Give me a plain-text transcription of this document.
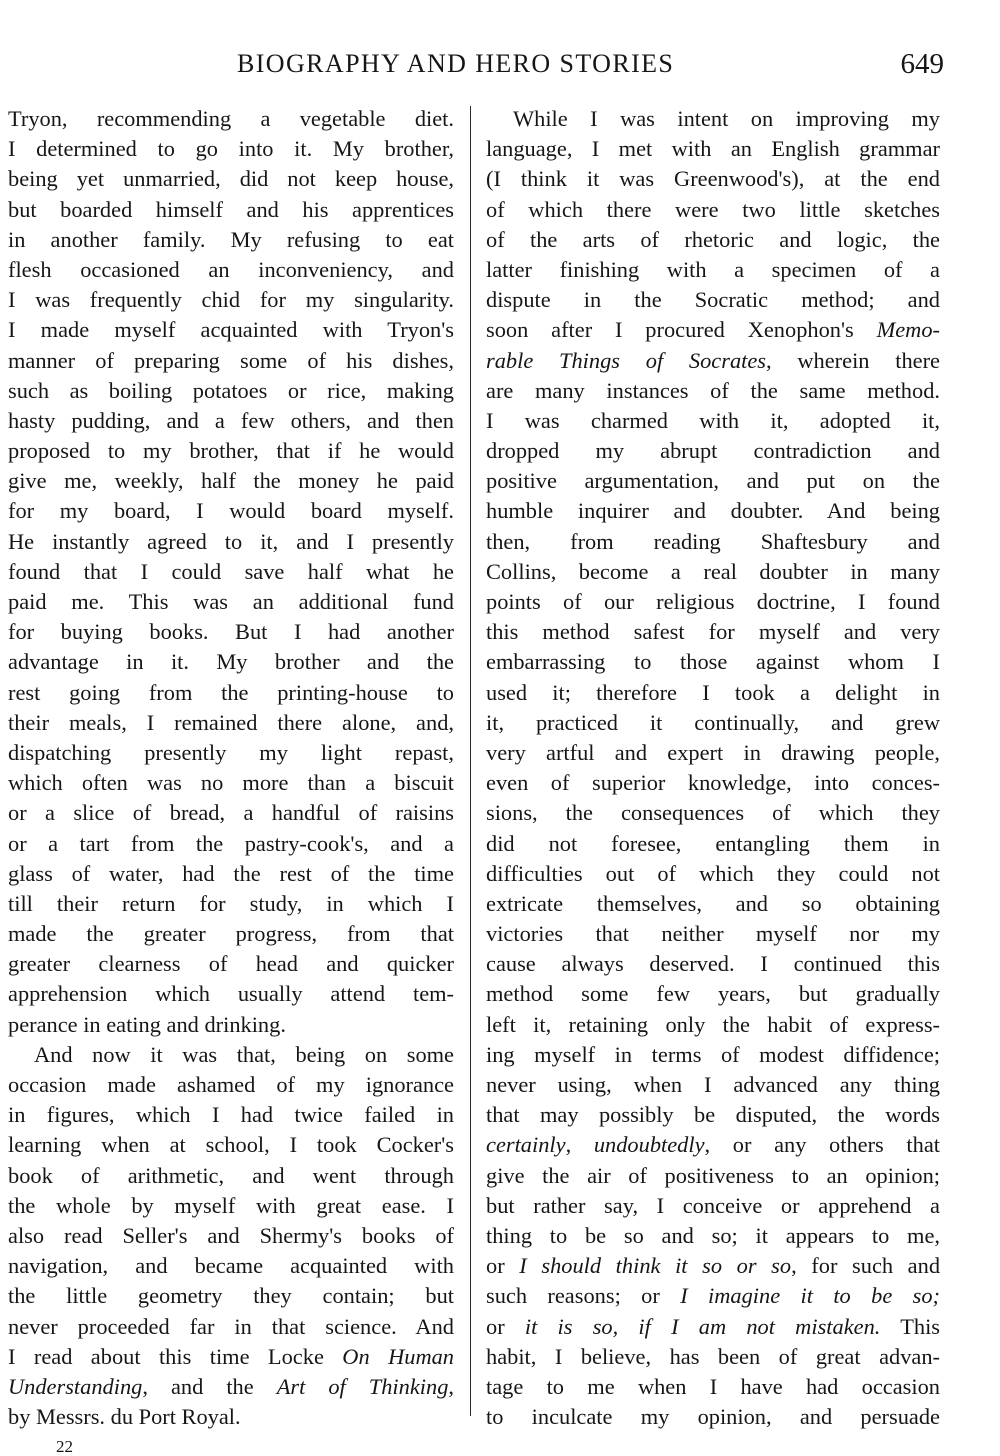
BIOGRAPHY AND HERO STORIES	649
Tryon, recommending a vegetable diet.
I determined to go into it. My brother,
being yet unmarried, did not keep house,
but boarded himself and his apprentices
in another family. My refusing to eat
flesh occasioned an inconveniency, and
I was frequently chid for my singularity.
I made myself acquainted with Tryon's
manner of preparing some of his dishes,
such as boiling potatoes or rice, making
hasty pudding, and a few others, and then
proposed to my brother, that if he would
give me, weekly, half the money he paid
for my board, I would board myself.
He instantly agreed to it, and I presently
found that I could save half what he
paid me. This was an additional fund
for buying books. But I had another
advantage in it. My brother and the
rest going from the printing-house to
their meals, I remained there alone, and,
dispatching presently my light repast,
which often was no more than a biscuit
or a slice of bread, a handful of raisins
or a tart from the pastry-cook's, and a
glass of water, had the rest of the time
till their return for study, in which I
made the greater progress, from that
greater clearness of head and quicker
apprehension which usually attend tem-
perance in eating and drinking.
And now it was that, being on some
occasion made ashamed of my ignorance
in figures, which I had twice failed in
learning when at school, I took Cocker's
book of arithmetic, and went through
the whole by myself with great ease. I
also read Seller's and Shermy's books of
navigation, and became acquainted with
the little geometry they contain; but
never proceeded far in that science. And
I read about this time Locke On Human
Understanding, and the Art of Thinking,
by Messrs. du Port Royal.
While I was intent on improving my
language, I met with an English grammar
(I think it was Greenwood's), at the end
of which there were two little sketches
of the arts of rhetoric and logic, the
latter finishing with a specimen of a
dispute in the Socratic method; and
soon after I procured Xenophon's Memo-
rable Things of Socrates, wherein there
are many instances of the same method.
I was charmed with it, adopted it,
dropped my abrupt contradiction and
positive argumentation, and put on the
humble inquirer and doubter. And being
then, from reading Shaftesbury and
Collins, become a real doubter in many
points of our religious doctrine, I found
this method safest for myself and very
embarrassing to those against whom I
used it; therefore I took a delight in
it, practiced it continually, and grew
very artful and expert in drawing people,
even of superior knowledge, into conces-
sions, the consequences of which they
did not foresee, entangling them in
difficulties out of which they could not
extricate themselves, and so obtaining
victories that neither myself nor my
cause always deserved. I continued this
method some few years, but gradually
left it, retaining only the habit of express-
ing myself in terms of modest diffidence;
never using, when I advanced any thing
that may possibly be disputed, the words
certainly, undoubtedly, or any others that
give the air of positiveness to an opinion;
but rather say, I conceive or apprehend a
thing to be so and so; it appears to me,
or I should think it so or so, for such and
such reasons; or I imagine it to be so;
or it is so, if I am not mistaken. This
habit, I believe, has been of great advan-
tage to me when I have had occasion
to inculcate my opinion, and persuade
22
